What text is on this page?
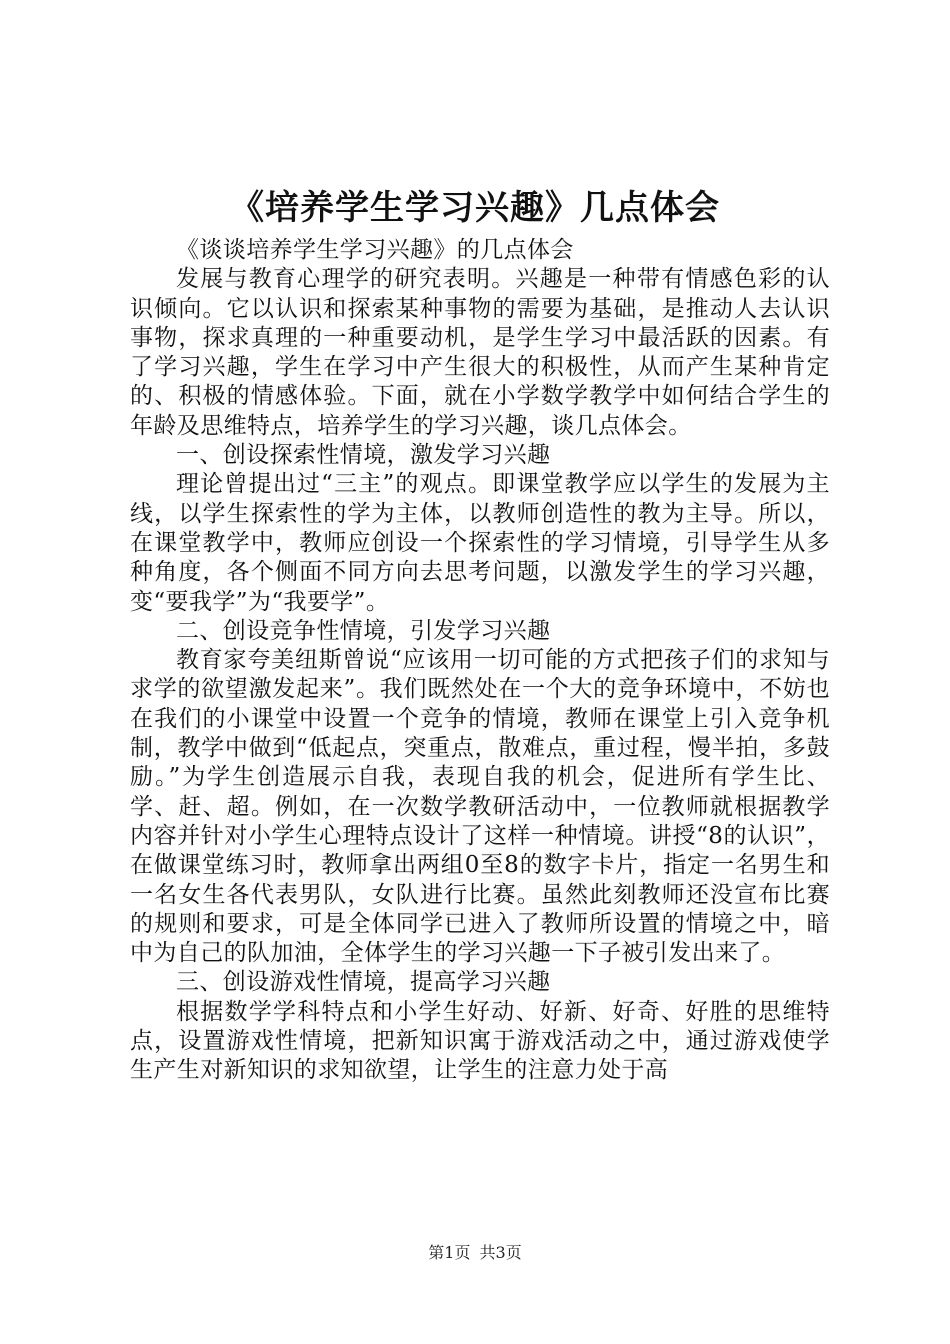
《培养学生学习兴趣》几点体会

《谈谈培养学生学习兴趣》的几点体会

发展与教育心理学的研究表明。兴趣是一种带有情感色彩的认识倾向。它以认识和探索某种事物的需要为基础，是推动人去认识事物，探求真理的一种重要动机，是学生学习中最活跃的因素。有了学习兴趣，学生在学习中产生很大的积极性，从而产生某种肯定的、积极的情感体验。下面，就在小学数学教学中如何结合学生的年龄及思维特点，培养学生的学习兴趣，谈几点体会。

一、创设探索性情境，激发学习兴趣

理论曾提出过“三主”的观点。即课堂教学应以学生的发展为主线，以学生探索性的学为主体，以教师创造性的教为主导。所以，在课堂教学中，教师应创设一个探索性的学习情境，引导学生从多种角度，各个侧面不同方向去思考问题，以激发学生的学习兴趣，变“要我学”为“我要学”。

二、创设竞争性情境，引发学习兴趣

教育家夸美纽斯曾说“应该用一切可能的方式把孩子们的求知与求学的欲望激发起来”。我们既然处在一个大的竞争环境中，不妨也在我们的小课堂中设置一个竞争的情境，教师在课堂上引入竞争机制，教学中做到“低起点，突重点，散难点，重过程，慢半拍，多鼓励。”为学生创造展示自我，表现自我的机会，促进所有学生比、学、赶、超。例如，在一次数学教研活动中，一位教师就根据教学内容并针对小学生心理特点设计了这样一种情境。讲授“8的认识”，在做课堂练习时，教师拿出两组0至8的数字卡片，指定一名男生和一名女生各代表男队，女队进行比赛。虽然此刻教师还没宣布比赛的规则和要求，可是全体同学已进入了教师所设置的情境之中，暗中为自己的队加油，全体学生的学习兴趣一下子被引发出来了。

三、创设游戏性情境，提高学习兴趣

根据数学学科特点和小学生好动、好新、好奇、好胜的思维特点，设置游戏性情境，把新知识寓于游戏活动之中，通过游戏使学生产生对新知识的求知欲望，让学生的注意力处于高

第1页 共3页
